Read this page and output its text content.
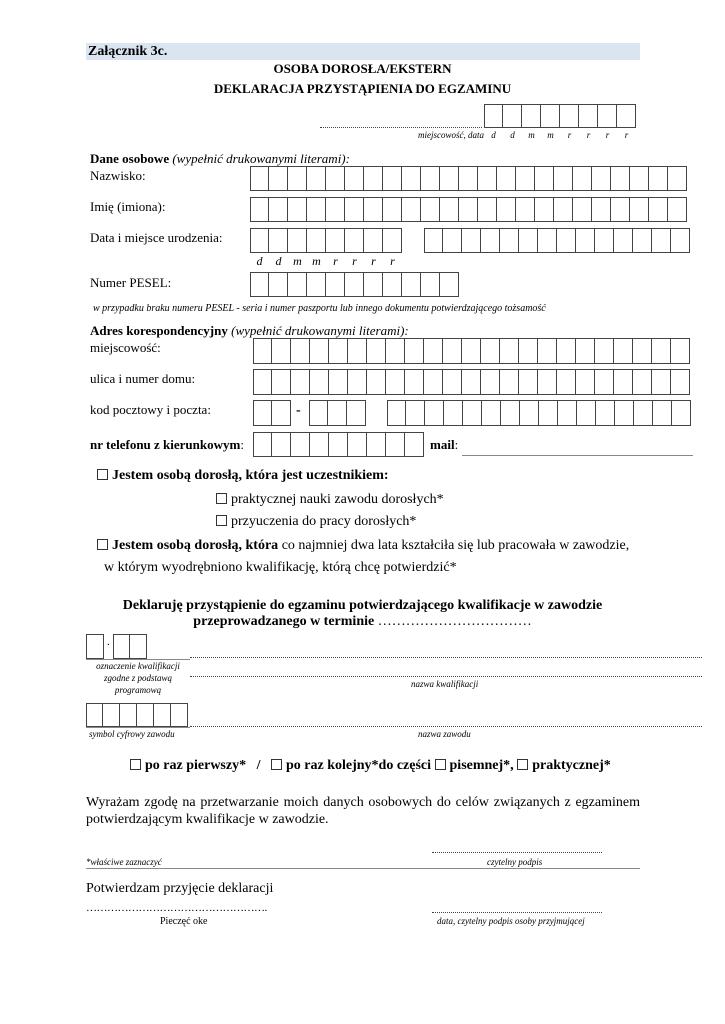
Załącznik 3c.
OSOBA DOROSŁA/EKSTERN
DEKLARACJA PRZYSTĄPIENIA DO EGZAMINU
miejscowość, data d d m m r r r r
Dane osobowe (wypełnić drukowanymi literami):
Nazwisko:
Imię (imiona):
Data i miejsce urodzenia:
d d m m r r r r
Numer PESEL:
w przypadku braku numeru PESEL - seria i numer paszportu lub innego dokumentu potwierdzającego tożsamość
Adres korespondencyjny (wypełnić drukowanymi literami):
miejscowość:
ulica i numer domu:
kod pocztowy i poczta:	-
nr telefonu z kierunkowym:	mail:
Jestem osobą dorosłą, która jest uczestnikiem:
praktycznej nauki zawodu dorosłych*
przyuczenia do pracy dorosłych*
Jestem osobą dorosłą, która co najmniej dwa lata kształciła się lub pracowała w zawodzie,
w którym wyodrębniono kwalifikację, którą chcę potwierdzić*
Deklaruję przystąpienie do egzaminu potwierdzającego kwalifikacje w zawodzie
przeprowadzanego w terminie ……………………………
.
oznaczenie kwalifikacji zgodne z podstawą programową
nazwa kwalifikacji
symbol cyfrowy zawodu	nazwa zawodu
po raz pierwszy* / po raz kolejny*do części pisemnej*, praktycznej*
Wyrażam zgodę na przetwarzanie moich danych osobowych do celów związanych z egzaminem potwierdzającym kwalifikacje w zawodzie.
*właściwe zaznaczyć	czytelny podpis
Potwierdzam przyjęcie deklaracji
…………………………………………….
Pieczęć oke	data, czytelny podpis osoby przyjmującej
